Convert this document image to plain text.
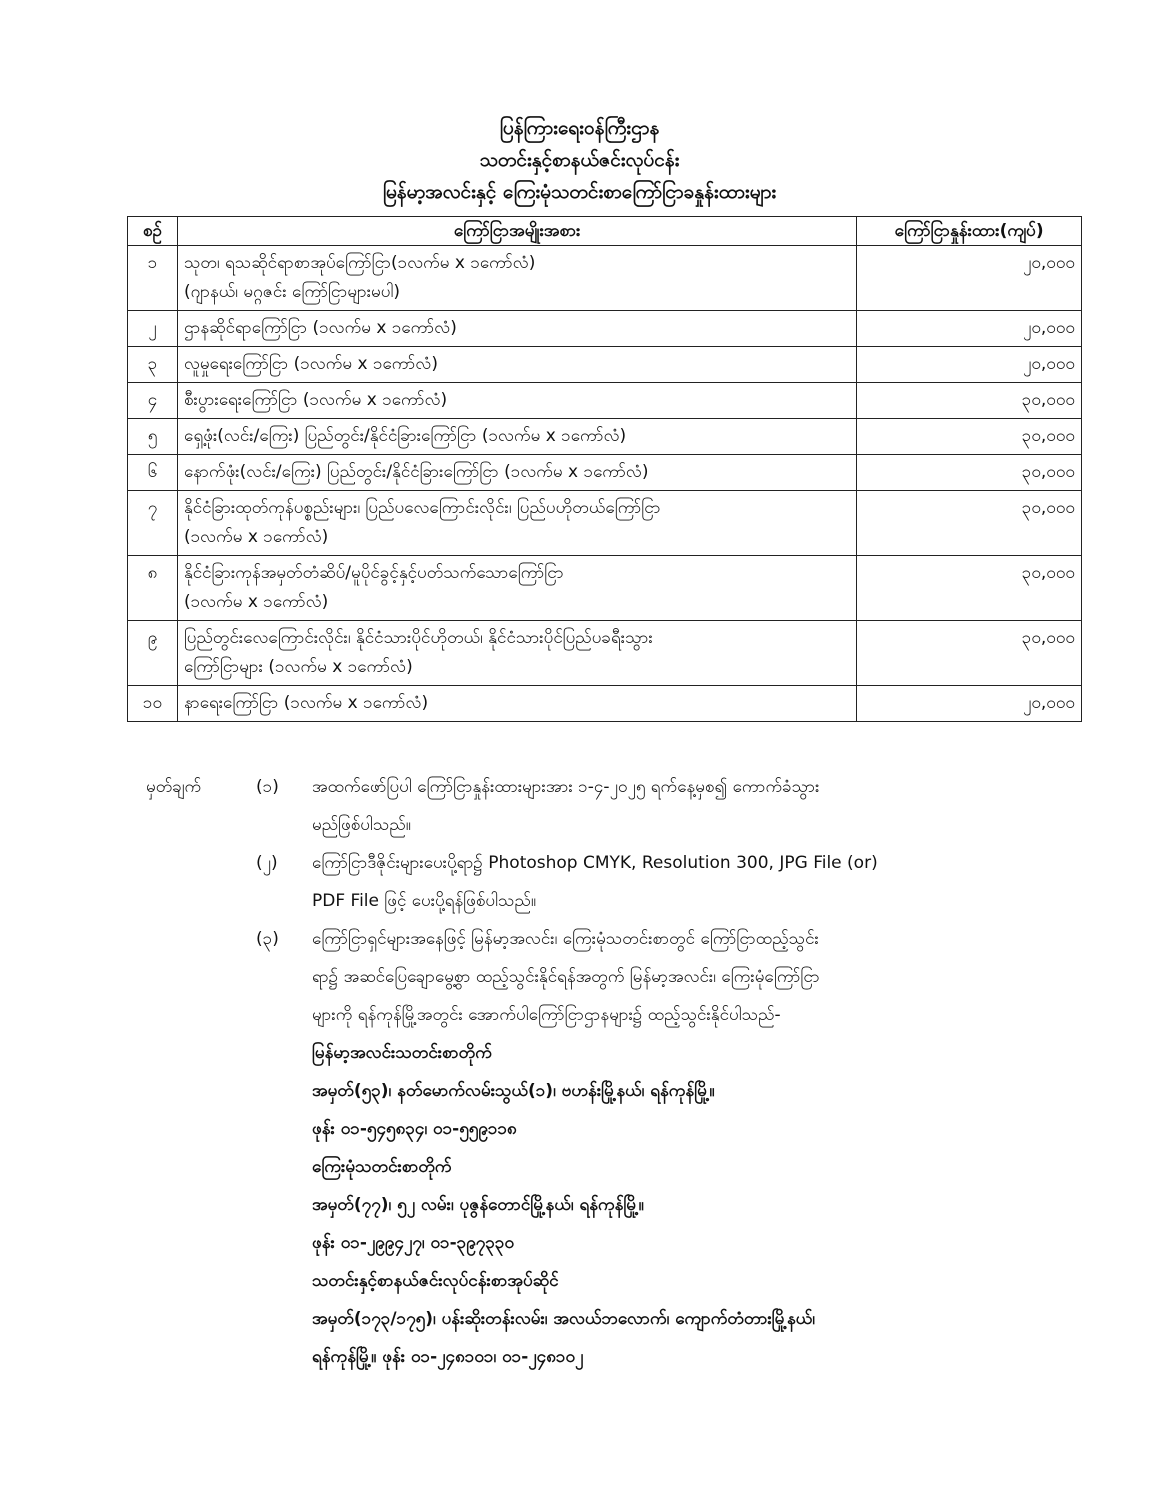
ပြန်ကြားရေးဝန်ကြီးဌာန
သတင်းနှင့်စာနယ်ဇင်းလုပ်ငန်း
မြန်မာ့အလင်းနှင့် ကြေးမုံသတင်းစာကြော်ငြာခနှုန်းထားများ
စဉ်	ကြော်ငြာအမျိုးအစား	ကြော်ငြာနှုန်းထား(ကျပ်)
၁	သုတ၊ ရသဆိုင်ရာစာအုပ်ကြော်ငြာ(၁လက်မ x ၁ကော်လံ)
(ဂျာနယ်၊ မဂ္ဂဇင်း ကြော်ငြာများမပါ)	၂၀,၀၀၀
၂	ဌာနဆိုင်ရာကြော်ငြာ (၁လက်မ x ၁ကော်လံ)	၂၀,၀၀၀
၃	လူမှုရေးကြော်ငြာ (၁လက်မ x ၁ကော်လံ)	၂၀,၀၀၀
၄	စီးပွားရေးကြော်ငြာ (၁လက်မ x ၁ကော်လံ)	၃၀,၀၀၀
၅	ရှေ့ဖုံး(လင်း/ကြေး) ပြည်တွင်း/နိုင်ငံခြားကြော်ငြာ (၁လက်မ x ၁ကော်လံ)	၃၀,၀၀၀
၆	နောက်ဖုံး(လင်း/ကြေး) ပြည်တွင်း/နိုင်ငံခြားကြော်ငြာ (၁လက်မ x ၁ကော်လံ)	၃၀,၀၀၀
၇	နိုင်ငံခြားထုတ်ကုန်ပစ္စည်းများ၊ ပြည်ပလေကြောင်းလိုင်း၊ ပြည်ပဟိုတယ်ကြော်ငြာ
(၁လက်မ x ၁ကော်လံ)	၃၀,၀၀၀
၈	နိုင်ငံခြားကုန်အမှတ်တံဆိပ်/မူပိုင်ခွင့်နှင့်ပတ်သက်သောကြော်ငြာ
(၁လက်မ x ၁ကော်လံ)	၃၀,၀၀၀
၉	ပြည်တွင်းလေကြောင်းလိုင်း၊ နိုင်ငံသားပိုင်ဟိုတယ်၊ နိုင်ငံသားပိုင်ပြည်ပခရီးသွား
ကြော်ငြာများ (၁လက်မ x ၁ကော်လံ)	၃၀,၀၀၀
၁၀	နာရေးကြော်ငြာ (၁လက်မ x ၁ကော်လံ)	၂၀,၀၀၀
မှတ်ချက်	(၁) အထက်ဖော်ပြပါ ကြော်ငြာနှုန်းထားများအား ၁-၄-၂၀၂၅ ရက်နေ့မှစ၍ ကောက်ခံသွား
မည်ဖြစ်ပါသည်။
(၂) ကြော်ငြာဒီဇိုင်းများပေးပို့ရာ၌ Photoshop CMYK, Resolution 300, JPG File (or)
PDF File ဖြင့် ပေးပို့ရန်ဖြစ်ပါသည်။
(၃) ကြော်ငြာရှင်များအနေဖြင့် မြန်မာ့အလင်း၊ ကြေးမုံသတင်းစာတွင် ကြော်ငြာထည့်သွင်း
ရာ၌ အဆင်ပြေချောမွေ့စွာ ထည့်သွင်းနိုင်ရန်အတွက် မြန်မာ့အလင်း၊ ကြေးမုံကြော်ငြာ
များကို ရန်ကုန်မြို့အတွင်း အောက်ပါကြော်ငြာဌာနများ၌ ထည့်သွင်းနိုင်ပါသည်-
မြန်မာ့အလင်းသတင်းစာတိုက်
အမှတ်(၅၃)၊ နတ်မောက်လမ်းသွယ်(၁)၊ ဗဟန်းမြို့နယ်၊ ရန်ကုန်မြို့။
ဖုန်း ၀၁-၅၄၅၈၃၄၊ ၀၁-၅၅၉၁၁၈
ကြေးမုံသတင်းစာတိုက်
အမှတ်(၇၇)၊ ၅၂ လမ်း၊ ပုဇွန်တောင်မြို့နယ်၊ ရန်ကုန်မြို့။
ဖုန်း ၀၁-၂၉၉၄၂၇၊ ၀၁-၃၉၇၃၃၀
သတင်းနှင့်စာနယ်ဇင်းလုပ်ငန်းစာအုပ်ဆိုင်
အမှတ်(၁၇၃/၁၇၅)၊ ပန်းဆိုးတန်းလမ်း၊ အလယ်ဘလောက်၊ ကျောက်တံတားမြို့နယ်၊
ရန်ကုန်မြို့။ ဖုန်း ၀၁-၂၄၈၁၀၁၊ ၀၁-၂၄၈၁၀၂
